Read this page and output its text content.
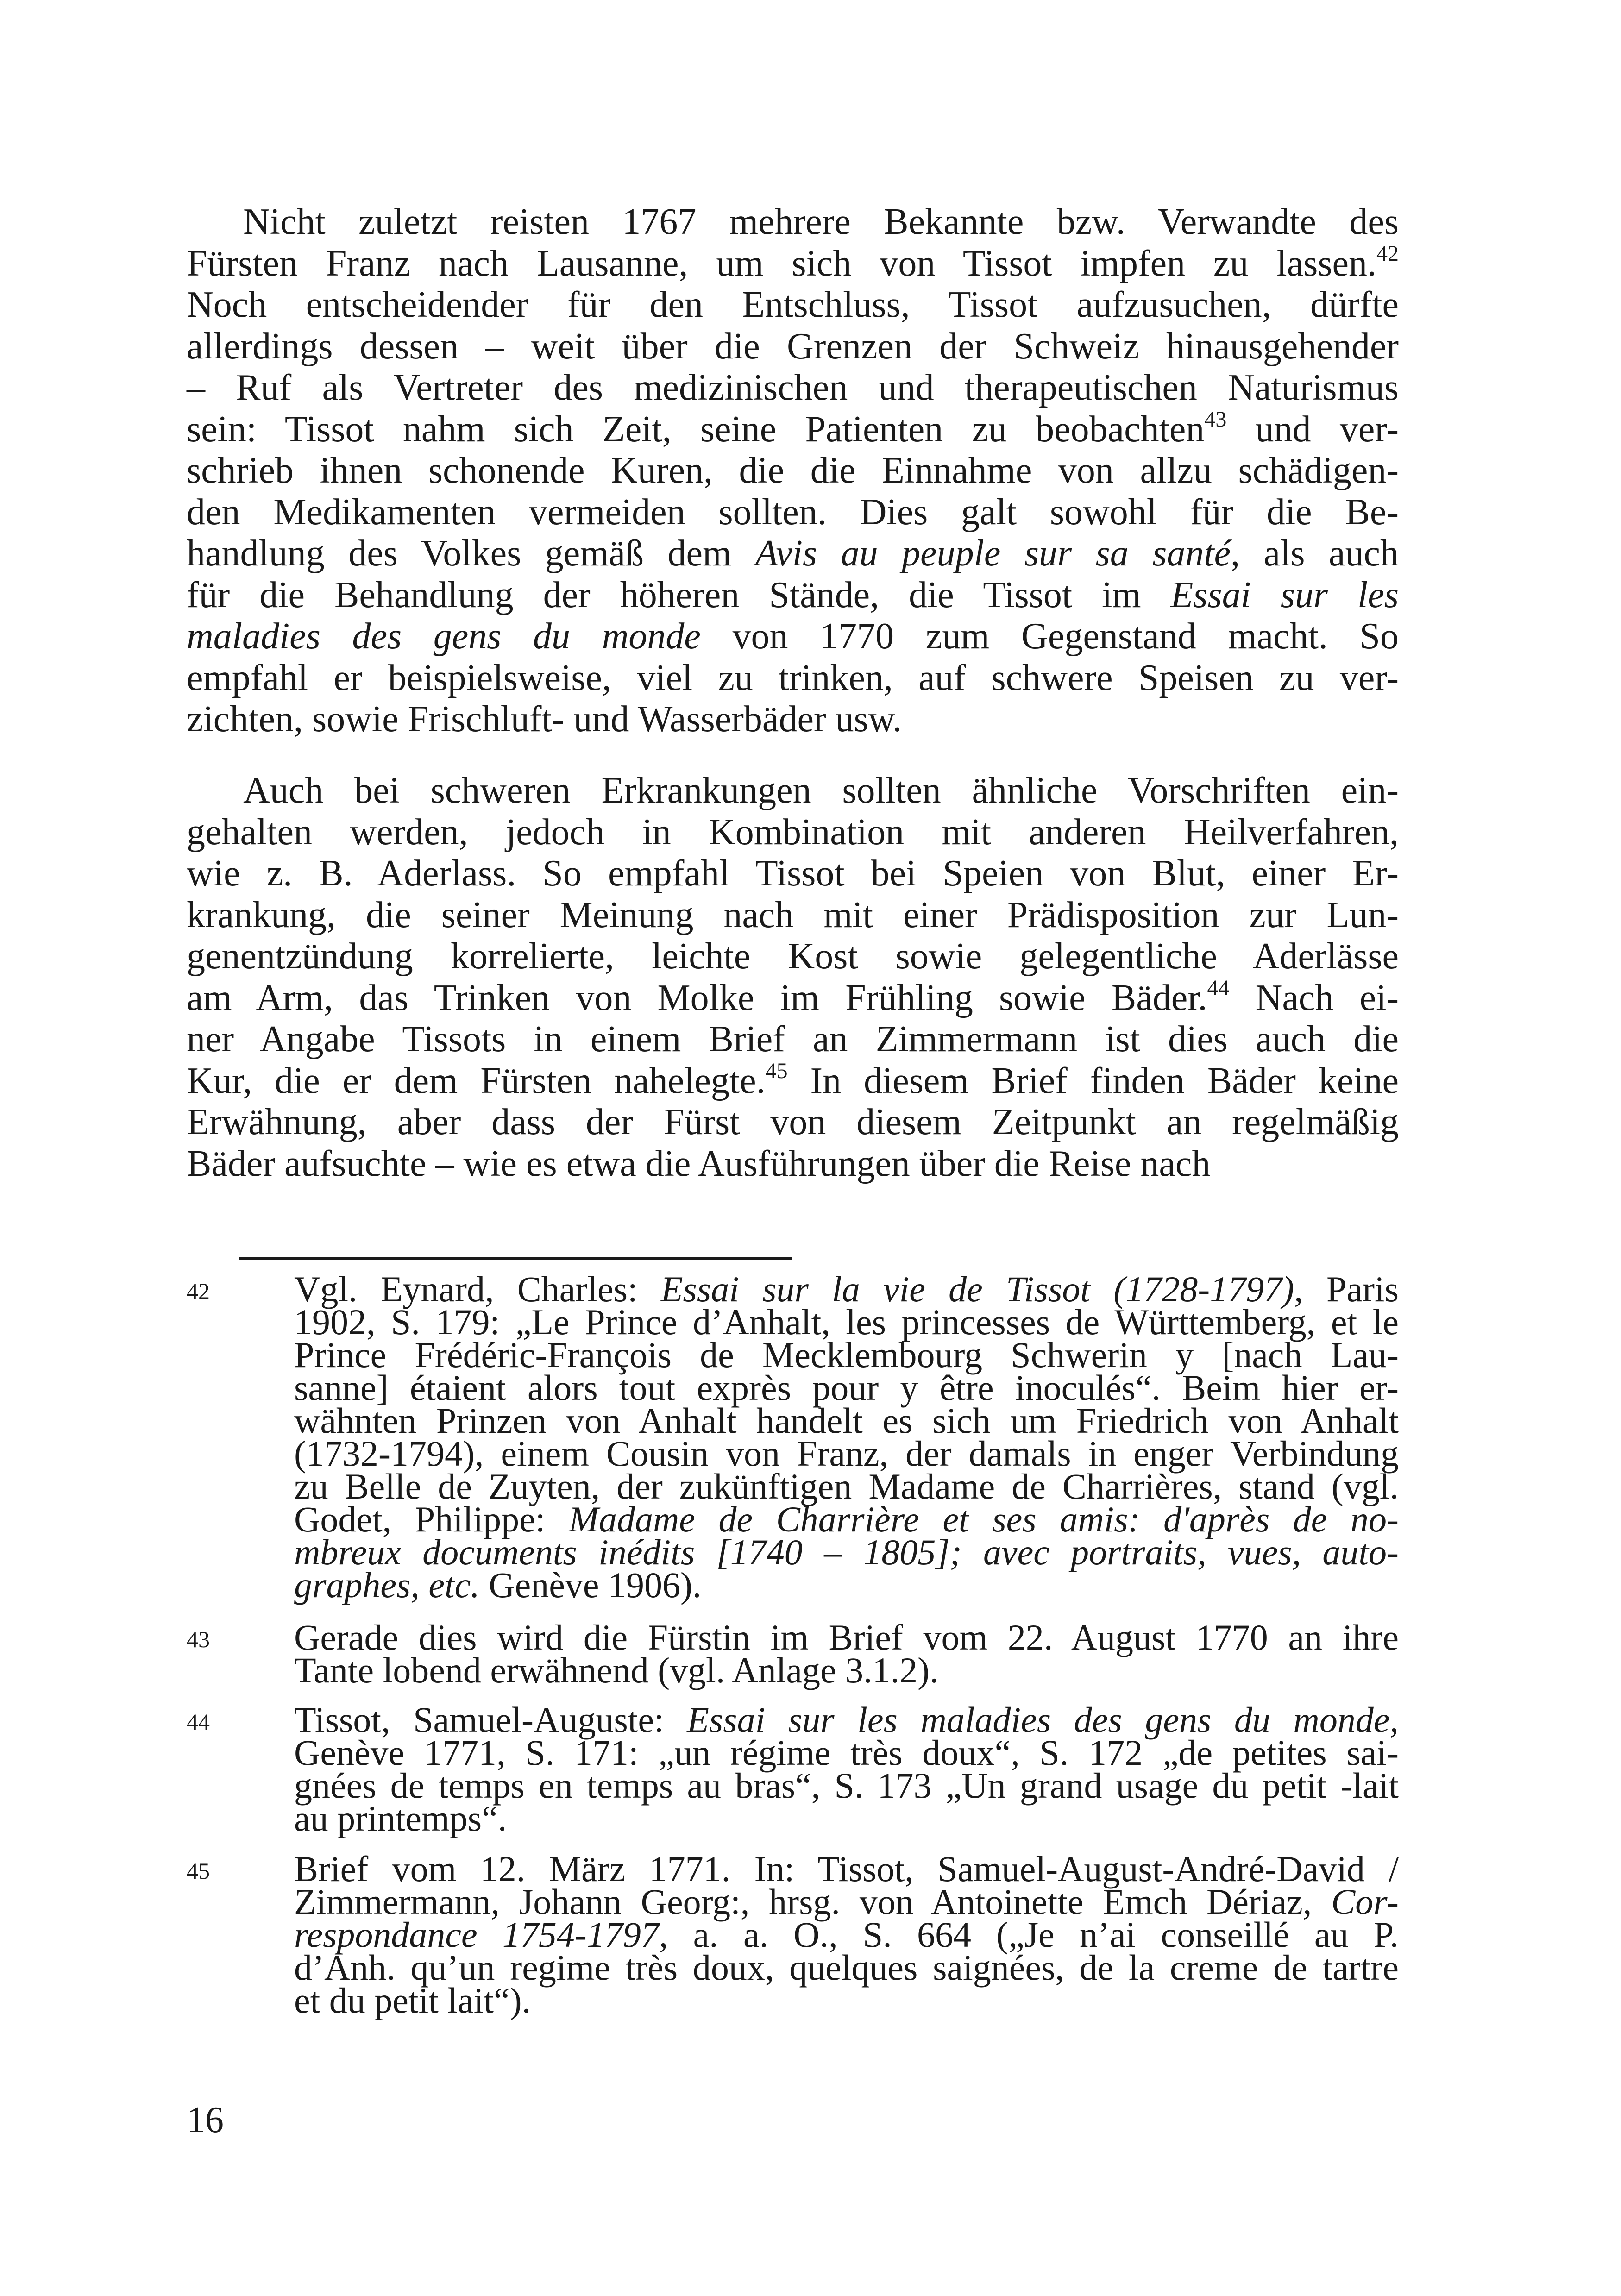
Nicht zuletzt reisten 1767 mehrere Bekannte bzw. Verwandte des
Fürsten Franz nach Lausanne, um sich von Tissot impfen zu lassen.$^{42}$
Noch entscheidender für den Entschluss, Tissot aufzusuchen, dürfte
allerdings dessen – weit über die Grenzen der Schweiz hinausgehender
– Ruf als Vertreter des medizinischen und therapeutischen Naturismus
sein: Tissot nahm sich Zeit, seine Patienten zu beobachten$^{43}$ und ver-
schrieb ihnen schonende Kuren, die die Einnahme von allzu schädigen-
den Medikamenten vermeiden sollten. Dies galt sowohl für die Be-
handlung des Volkes gemäß dem Avis au peuple sur sa santé, als auch
für die Behandlung der höheren Stände, die Tissot im Essai sur les
maladies des gens du monde von 1770 zum Gegenstand macht. So
empfahl er beispielsweise, viel zu trinken, auf schwere Speisen zu ver-
zichten, sowie Frischluft- und Wasserbäder usw.
Auch bei schweren Erkrankungen sollten ähnliche Vorschriften ein-
gehalten werden, jedoch in Kombination mit anderen Heilverfahren,
wie z. B. Aderlass. So empfahl Tissot bei Speien von Blut, einer Er-
krankung, die seiner Meinung nach mit einer Prädisposition zur Lun-
genentzündung korrelierte, leichte Kost sowie gelegentliche Aderlässe
am Arm, das Trinken von Molke im Frühling sowie Bäder.$^{44}$ Nach ei-
ner Angabe Tissots in einem Brief an Zimmermann ist dies auch die
Kur, die er dem Fürsten nahelegte.$^{45}$ In diesem Brief finden Bäder keine
Erwähnung, aber dass der Fürst von diesem Zeitpunkt an regelmäßig
Bäder aufsuchte – wie es etwa die Ausführungen über die Reise nach
42 Vgl. Eynard, Charles: Essai sur la vie de Tissot (1728-1797), Paris
1902, S. 179: „Le Prince d’Anhalt, les princesses de Württemberg, et le
Prince Frédéric-François de Mecklembourg Schwerin y [nach Lau-
sanne] étaient alors tout exprès pour y être inoculés“. Beim hier er-
wähnten Prinzen von Anhalt handelt es sich um Friedrich von Anhalt
(1732-1794), einem Cousin von Franz, der damals in enger Verbindung
zu Belle de Zuyten, der zukünftigen Madame de Charrières, stand (vgl.
Godet, Philippe: Madame de Charrière et ses amis: d'après de no-
mbreux documents inédits [1740 – 1805]; avec portraits, vues, auto-
graphes, etc. Genève 1906).
43 Gerade dies wird die Fürstin im Brief vom 22. August 1770 an ihre
Tante lobend erwähnend (vgl. Anlage 3.1.2).
44 Tissot, Samuel-Auguste: Essai sur les maladies des gens du monde,
Genève 1771, S. 171: „un régime très doux“, S. 172 „de petites sai-
gnées de temps en temps au bras“, S. 173 „Un grand usage du petit -lait
au printemps“.
45 Brief vom 12. März 1771. In: Tissot, Samuel-August-André-David /
Zimmermann, Johann Georg:, hrsg. von Antoinette Emch Dériaz, Cor-
respondance 1754-1797, a. a. O., S. 664 („Je n’ai conseillé au P.
d’Anh. qu’un regime très doux, quelques saignées, de la creme de tartre
et du petit lait“).
16
